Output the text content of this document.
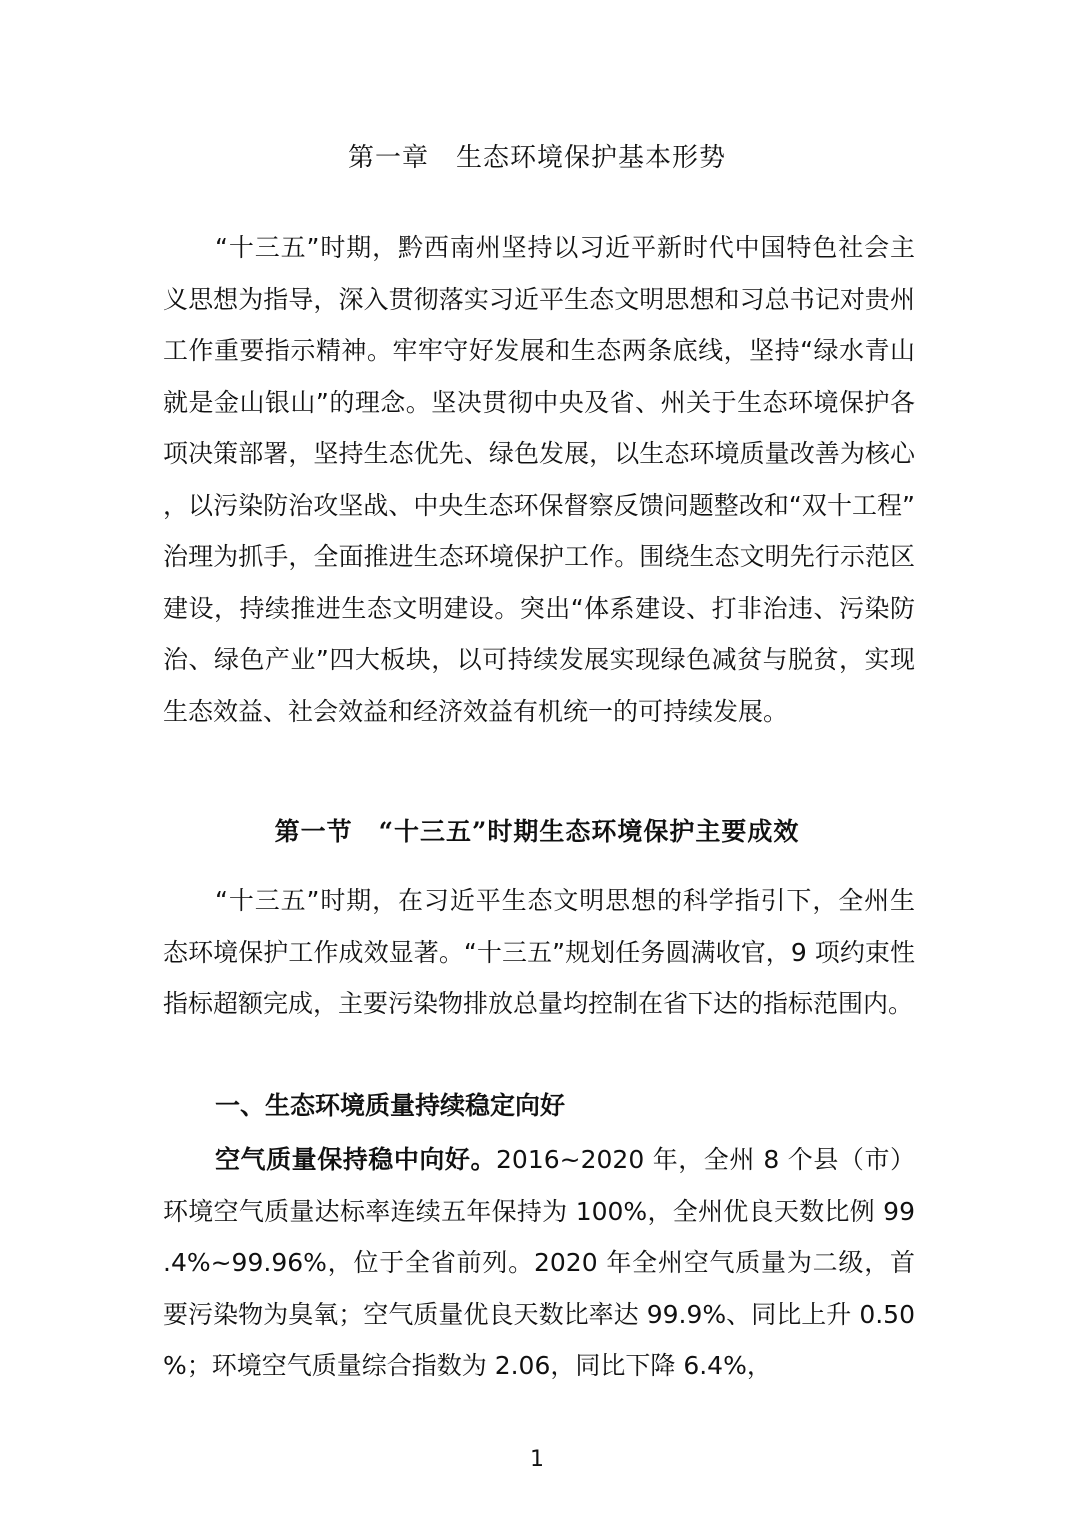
第一章　生态环境保护基本形势

“十三五”时期，黔西南州坚持以习近平新时代中国特色社会主义思想为指导，深入贯彻落实习近平生态文明思想和习总书记对贵州工作重要指示精神。牢牢守好发展和生态两条底线，坚持“绿水青山就是金山银山”的理念。坚决贯彻中央及省、州关于生态环境保护各项决策部署，坚持生态优先、绿色发展，以生态环境质量改善为核心，以污染防治攻坚战、中央生态环保督察反馈问题整改和“双十工程”治理为抓手，全面推进生态环境保护工作。围绕生态文明先行示范区建设，持续推进生态文明建设。突出“体系建设、打非治违、污染防治、绿色产业”四大板块，以可持续发展实现绿色减贫与脱贫，实现生态效益、社会效益和经济效益有机统一的可持续发展。

第一节　“十三五”时期生态环境保护主要成效

“十三五”时期，在习近平生态文明思想的科学指引下，全州生态环境保护工作成效显著。“十三五”规划任务圆满收官，9 项约束性指标超额完成，主要污染物排放总量均控制在省下达的指标范围内。

一、生态环境质量持续稳定向好

空气质量保持稳中向好。2016~2020 年，全州 8 个县（市）环境空气质量达标率连续五年保持为 100%，全州优良天数比例 99.4%~99.96%，位于全省前列。2020 年全州空气质量为二级，首要污染物为臭氧；空气质量优良天数比率达 99.9%、同比上升 0.50%；环境空气质量综合指数为 2.06，同比下降 6.4%，

1
